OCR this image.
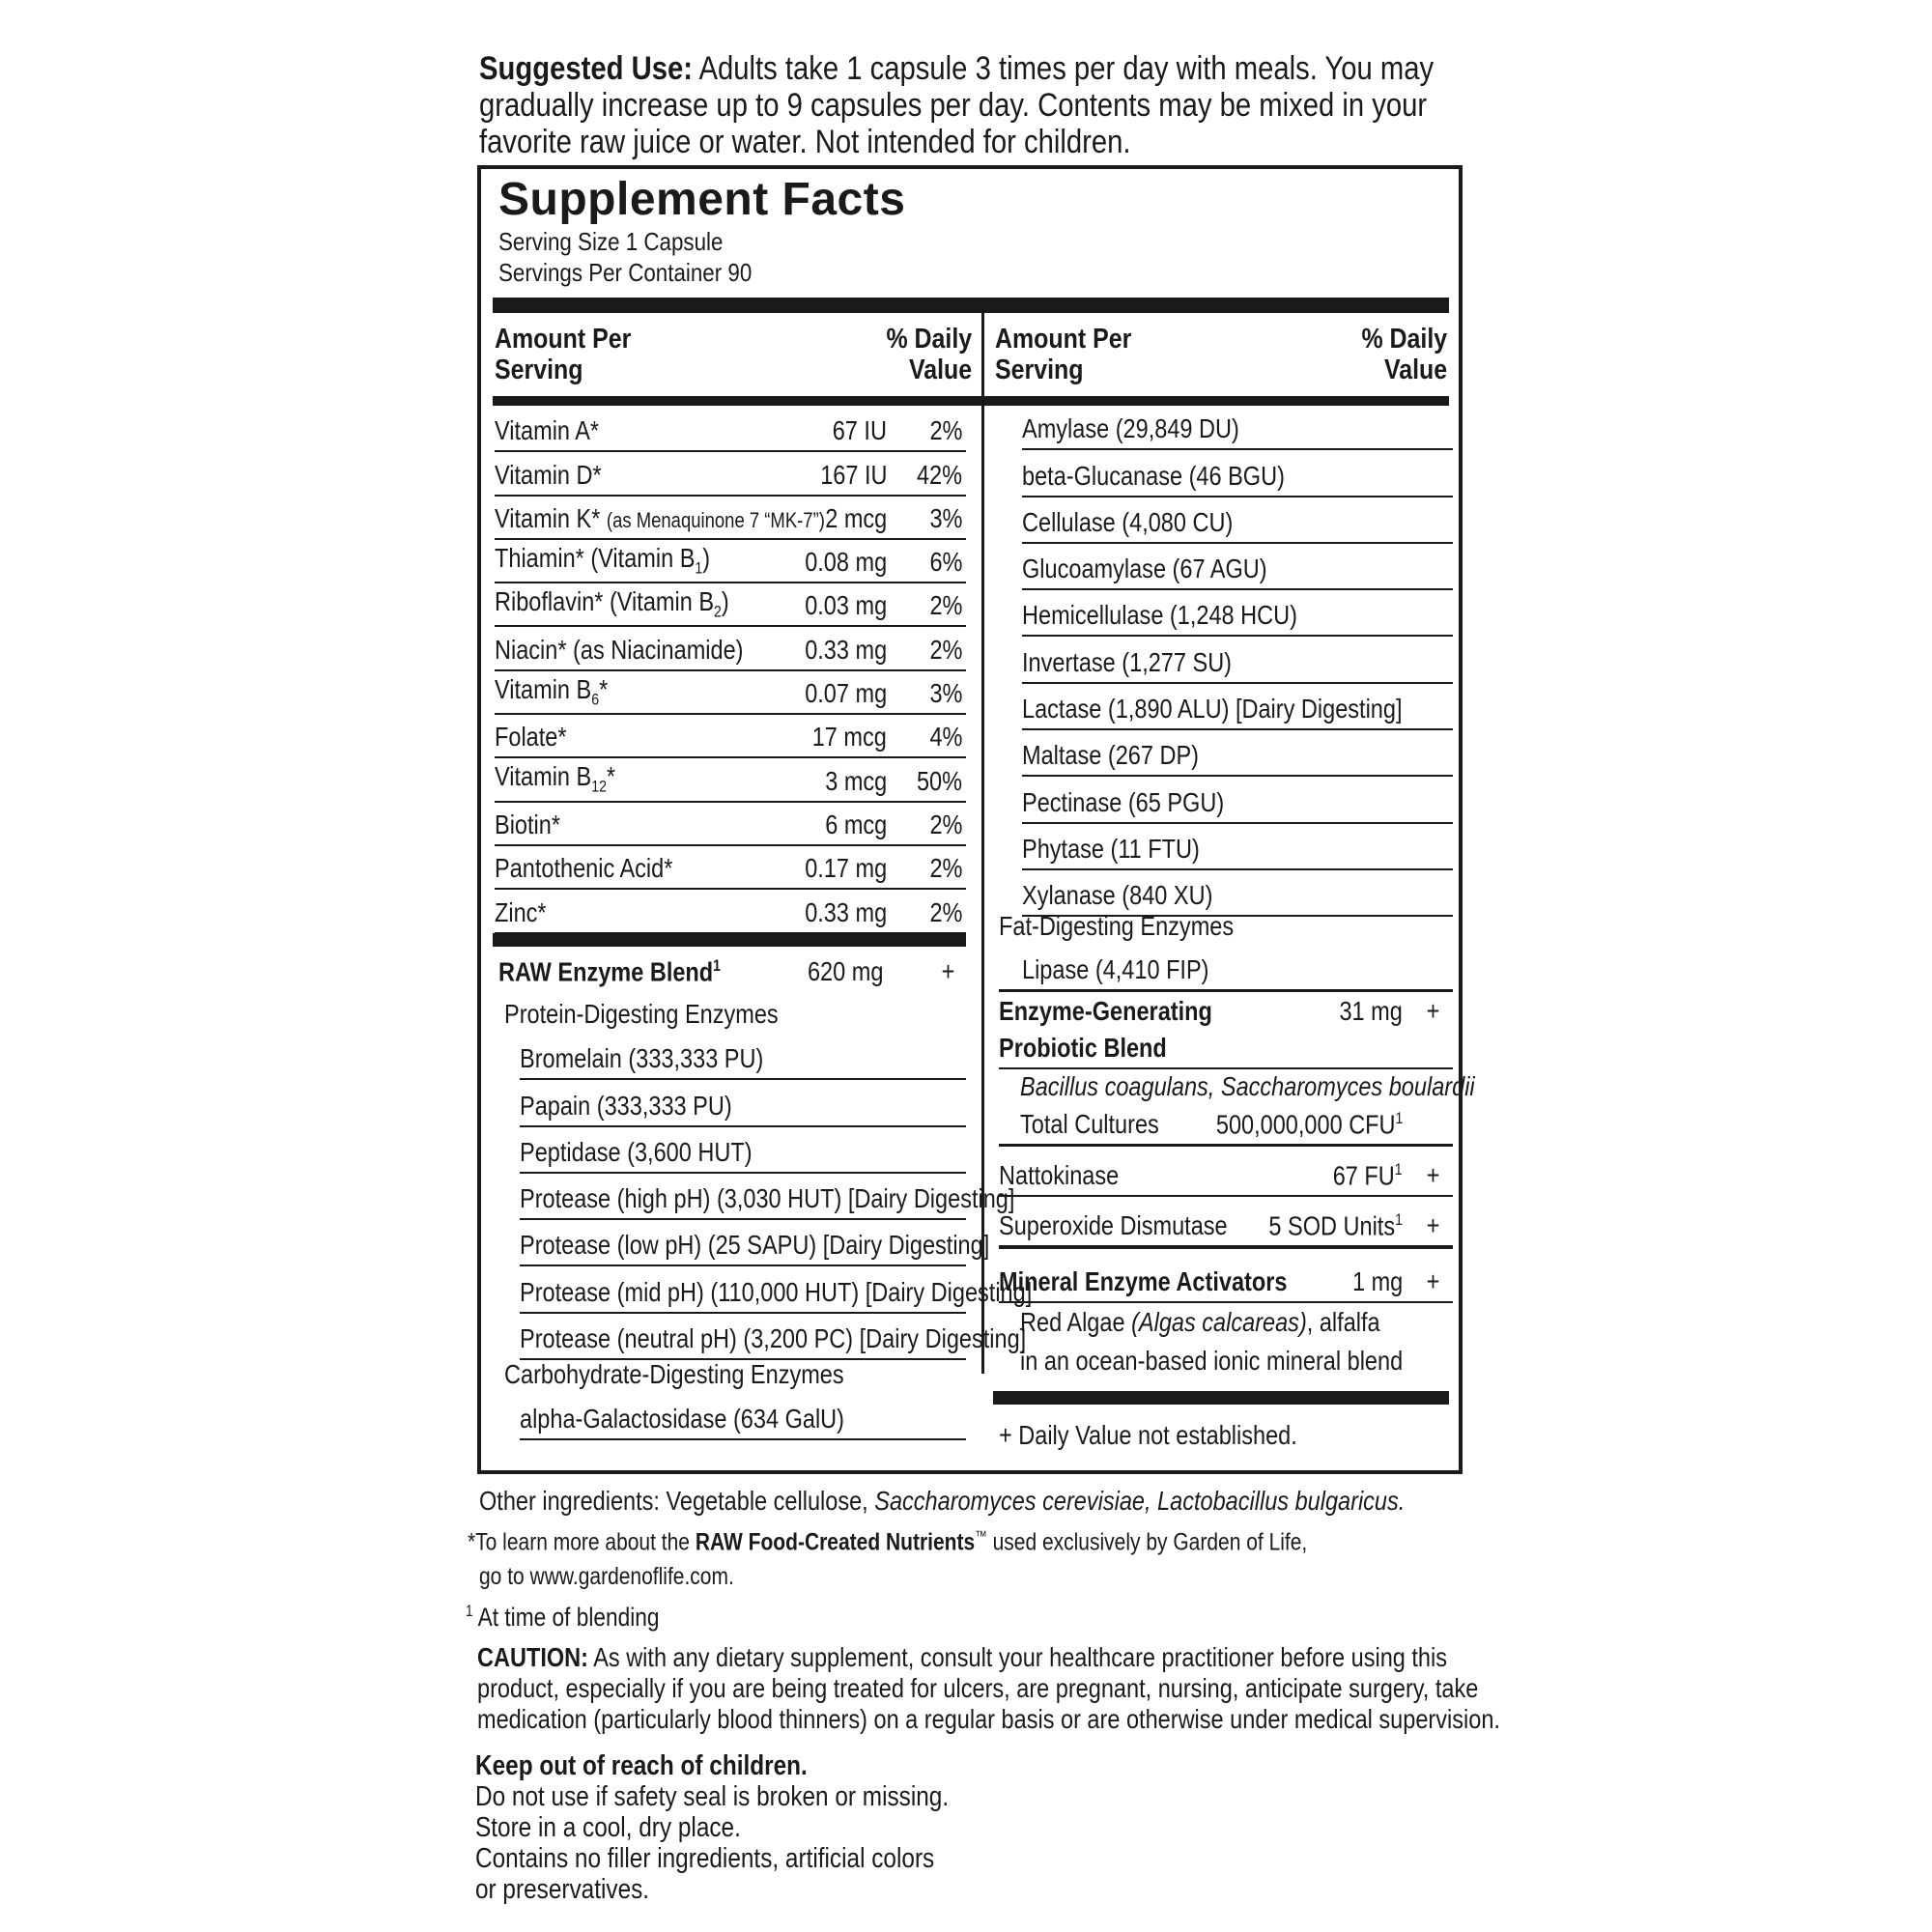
Suggested Use: Adults take 1 capsule 3 times per day with meals. You may gradually increase up to 9 capsules per day. Contents may be mixed in your favorite raw juice or water. Not intended for children.
Supplement Facts
Serving Size 1 Capsule
Servings Per Container 90
Amount Per
Serving
% Daily
Value
Amount Per
Serving
% Daily
Value
Vitamin A*	67 IU 2%
Vitamin D*	167 IU 42%
Vitamin K* (as Menaquinone 7 “MK-7”) 2 mcg 3%
Thiamin* (Vitamin $B_1$)	0.08 mg 6%
Riboflavin* (Vitamin $B_2$)	0.03 mg 2%
Niacin* (as Niacinamide) 0.33 mg 2%
Vitamin $B_6*$	0.07 mg 3%
Folate*	17 mcg 4%
Vitamin $B_{12}*$	3 mcg 50%
Biotin*	6 mcg 2%
Pantothenic Acid*	0.17 mg 2%
Zinc*	0.33 mg 2%
RAW Enzyme Blend$^1$	620 mg +
Protein-Digesting Enzymes
Bromelain (333,333 PU)
Papain (333,333 PU)
Peptidase (3,600 HUT)
Protease (high pH) (3,030 HUT) [Dairy Digesting]
Protease (low pH) (25 SAPU) [Dairy Digesting]
Protease (mid pH) (110,000 HUT) [Dairy Digesting]
Protease (neutral pH) (3,200 PC) [Dairy Digesting]
Carbohydrate-Digesting Enzymes
alpha-Galactosidase (634 GalU)
Amylase (29,849 DU)
beta-Glucanase (46 BGU)
Cellulase (4,080 CU)
Glucoamylase (67 AGU)
Hemicellulase (1,248 HCU)
Invertase (1,277 SU)
Lactase (1,890 ALU) [Dairy Digesting]
Maltase (267 DP)
Pectinase (65 PGU)
Phytase (11 FTU)
Xylanase (840 XU)
Fat-Digesting Enzymes
Lipase (4,410 FIP)
Enzyme-Generating	31 mg +
Probiotic Blend
Bacillus coagulans, Saccharomyces boulardii
Total Cultures 500,000,000 CFU$^1$
Nattokinase	67 $FU^1$ +
Superoxide Dismutase 5 SOD Units$^1$ +
Mineral Enzyme Activators 1 mg +
Red Algae (Algas calcareas), alfalfa
in an ocean-based ionic mineral blend
+ Daily Value not established.
Other ingredients: Vegetable cellulose, Saccharomyces cerevisiae, Lactobacillus bulgaricus.
*To learn more about the RAW Food-Created Nutrients™ used exclusively by Garden of Life,
go to www.gardenoflife.com.
$^1$ At time of blending
CAUTION: As with any dietary supplement, consult your healthcare practitioner before using this
product, especially if you are being treated for ulcers, are pregnant, nursing, anticipate surgery, take
medication (particularly blood thinners) on a regular basis or are otherwise under medical supervision.
Keep out of reach of children.
Do not use if safety seal is broken or missing.
Store in a cool, dry place.
Contains no filler ingredients, artificial colors
or preservatives.
